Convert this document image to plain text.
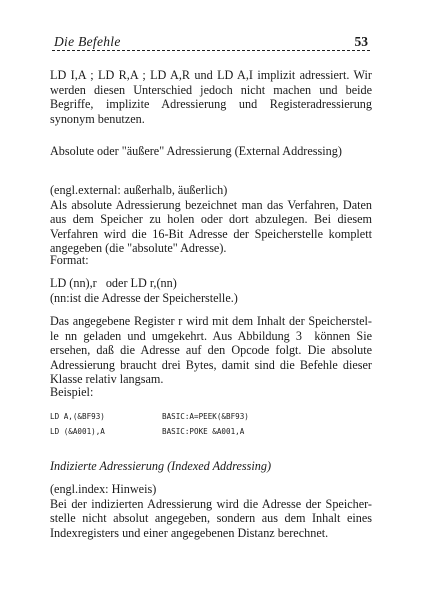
Die Befehle	53
LD I,A ; LD R,A ; LD A,R und LD A,I implizit adressiert. Wir
werden diesen Unterschied jedoch nicht machen und beide
Begriffe, implizite Adressierung und Registeradressierung
synonym benutzen.
Absolute oder "äußere" Adressierung (External Addressing)
(engl.external: außerhalb, äußerlich)
Als absolute Adressierung bezeichnet man das Verfahren, Daten
aus dem Speicher zu holen oder dort abzulegen. Bei diesem
Verfahren wird die 16-Bit Adresse der Speicherstelle komplett
angegeben (die "absolute" Adresse).
Format:
LD (nn),r   oder LD r,(nn)
(nn:ist die Adresse der Speicherstelle.)
Das angegebene Register r wird mit dem Inhalt der Speicherstel-
le nn geladen und umgekehrt. Aus Abbildung 3  können Sie
ersehen, daß die Adresse auf den Opcode folgt. Die absolute
Adressierung braucht drei Bytes, damit sind die Befehle dieser
Klasse relativ langsam.
Beispiel:
LD A,(&BF93)	BASIC:A=PEEK(&BF93)
LD (&A001),A	BASIC:POKE &A001,A
Indizierte Adressierung (Indexed Addressing)
(engl.index: Hinweis)
Bei der indizierten Adressierung wird die Adresse der Speicher-
stelle nicht absolut angegeben, sondern aus dem Inhalt eines
Indexregisters und einer angegebenen Distanz berechnet.
